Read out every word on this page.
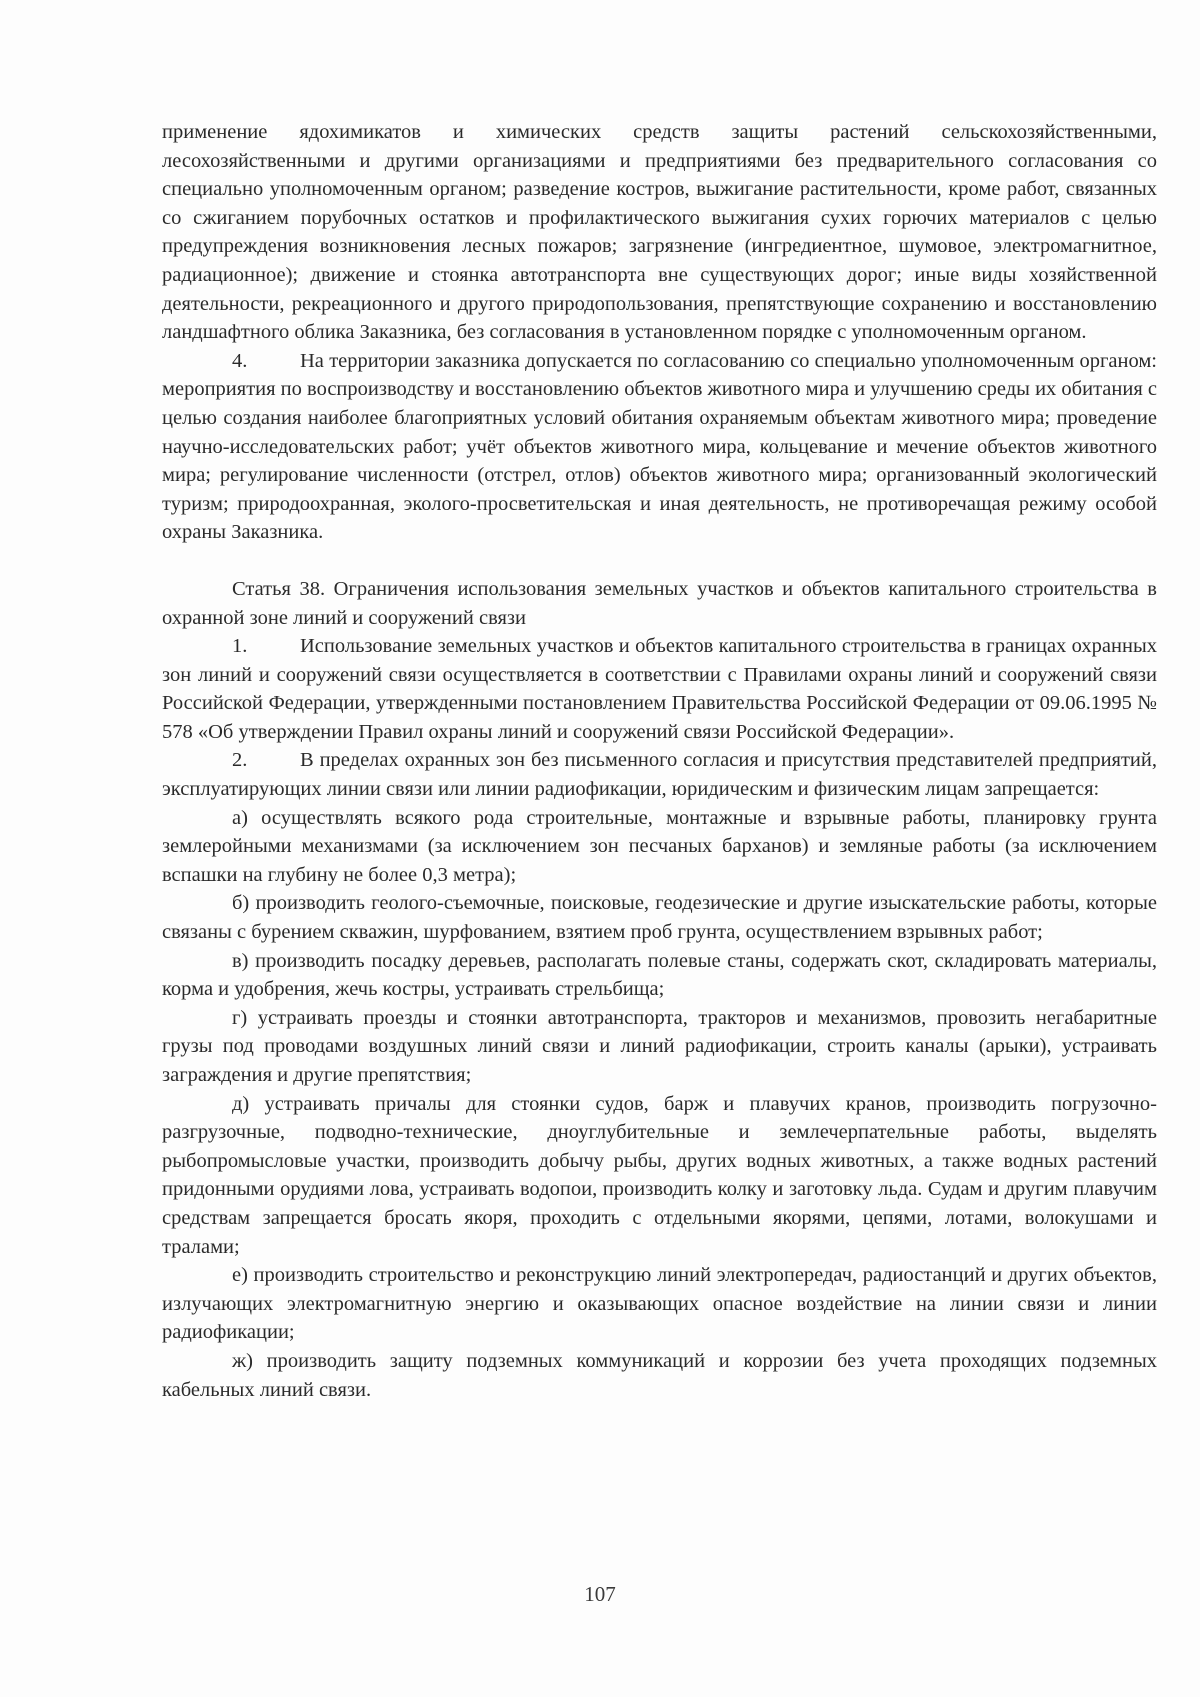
применение ядохимикатов и химических средств защиты растений сельскохозяйственными, лесохозяйственными и другими организациями и предприятиями без предварительного согласования со специально уполномоченным органом; разведение костров, выжигание растительности, кроме работ, связанных со сжиганием порубочных остатков и профилактического выжигания сухих горючих материалов с целью предупреждения возникновения лесных пожаров; загрязнение (ингредиентное, шумовое, электромагнитное, радиационное); движение и стоянка автотранспорта вне существующих дорог; иные виды хозяйственной деятельности, рекреационного и другого природопользования, препятствующие сохранению и восстановлению ландшафтного облика Заказника, без согласования в установленном порядке с уполномоченным органом.

4.	На территории заказника допускается по согласованию со специально уполномоченным органом: мероприятия по воспроизводству и восстановлению объектов животного мира и улучшению среды их обитания с целью создания наиболее благоприятных условий обитания охраняемым объектам животного мира; проведение научно-исследовательских работ; учёт объектов животного мира, кольцевание и мечение объектов животного мира; регулирование численности (отстрел, отлов) объектов животного мира; организованный экологический туризм; природоохранная, эколого-просветительская и иная деятельность, не противоречащая режиму особой охраны Заказника.

Статья 38. Ограничения использования земельных участков и объектов капитального строительства в охранной зоне линий и сооружений связи

1.	Использование земельных участков и объектов капитального строительства в границах охранных зон линий и сооружений связи осуществляется в соответствии с Правилами охраны линий и сооружений связи Российской Федерации, утвержденными постановлением Правительства Российской Федерации от 09.06.1995 № 578 «Об утверждении Правил охраны линий и сооружений связи Российской Федерации».

2.	В пределах охранных зон без письменного согласия и присутствия представителей предприятий, эксплуатирующих линии связи или линии радиофикации, юридическим и физическим лицам запрещается:

а) осуществлять всякого рода строительные, монтажные и взрывные работы, планировку грунта землеройными механизмами (за исключением зон песчаных барханов) и земляные работы (за исключением вспашки на глубину не более 0,3 метра);

б) производить геолого-съемочные, поисковые, геодезические и другие изыскательские работы, которые связаны с бурением скважин, шурфованием, взятием проб грунта, осуществлением взрывных работ;

в) производить посадку деревьев, располагать полевые станы, содержать скот, складировать материалы, корма и удобрения, жечь костры, устраивать стрельбища;

г) устраивать проезды и стоянки автотранспорта, тракторов и механизмов, провозить негабаритные грузы под проводами воздушных линий связи и линий радиофикации, строить каналы (арыки), устраивать заграждения и другие препятствия;

д) устраивать причалы для стоянки судов, барж и плавучих кранов, производить погрузочно-разгрузочные, подводно-технические, дноуглубительные и землечерпательные работы, выделять рыбопромысловые участки, производить добычу рыбы, других водных животных, а также водных растений придонными орудиями лова, устраивать водопои, производить колку и заготовку льда. Судам и другим плавучим средствам запрещается бросать якоря, проходить с отдельными якорями, цепями, лотами, волокушами и тралами;

е) производить строительство и реконструкцию линий электропередач, радиостанций и других объектов, излучающих электромагнитную энергию и оказывающих опасное воздействие на линии связи и линии радиофикации;

ж) производить защиту подземных коммуникаций и коррозии без учета проходящих подземных кабельных линий связи.

107
